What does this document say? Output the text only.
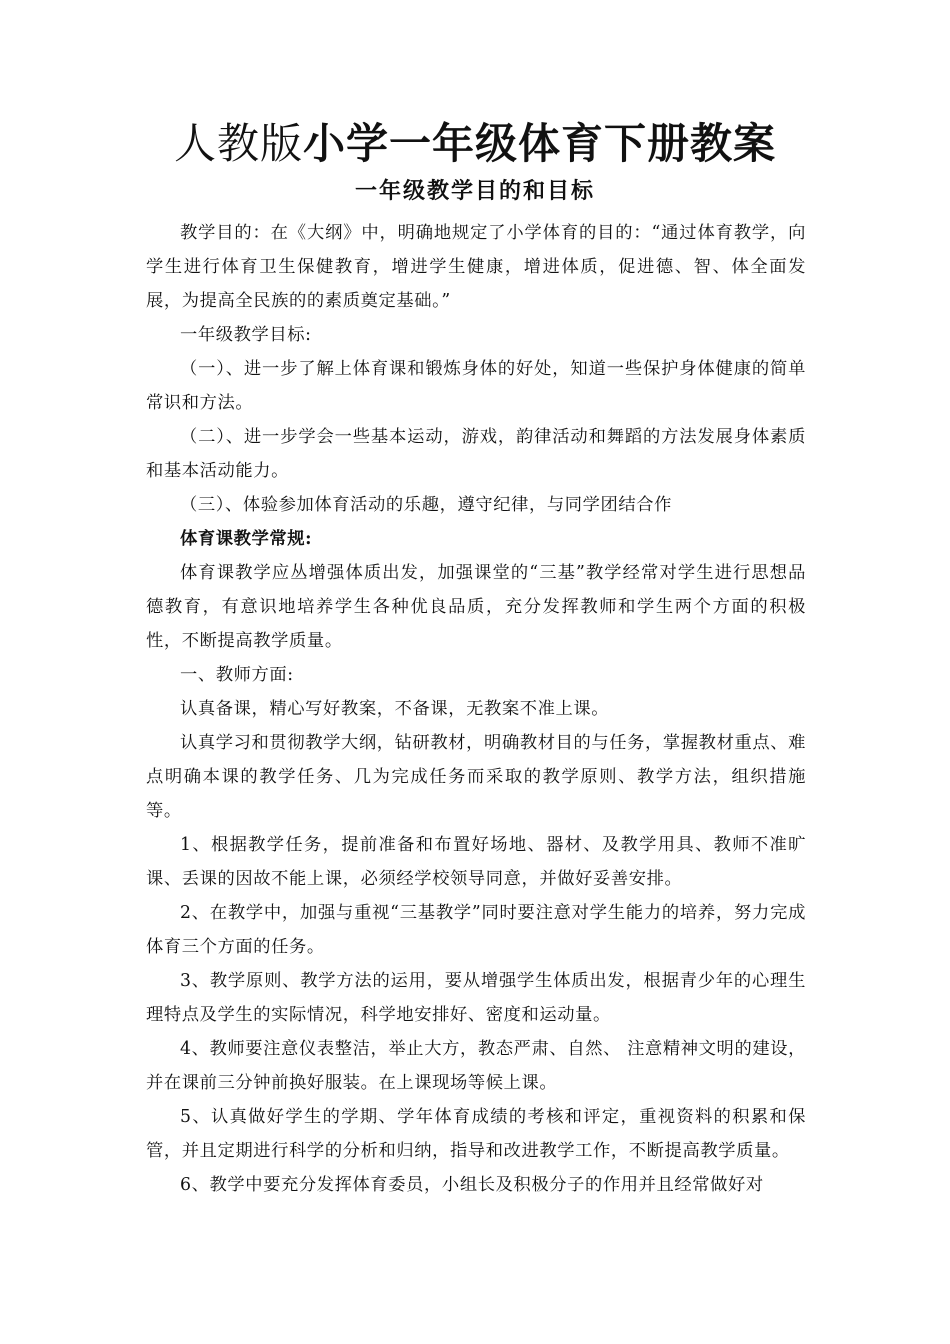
人教版小学一年级体育下册教案
一年级教学目的和目标

教学目的：在《大纲》中，明确地规定了小学体育的目的：“通过体育教学，向学生进行体育卫生保健教育，增进学生健康，增进体质，促进德、智、体全面发展，为提高全民族的的素质奠定基础。”

一年级教学目标:

（一）、进一步了解上体育课和锻炼身体的好处，知道一些保护身体健康的简单常识和方法。

（二）、进一步学会一些基本运动，游戏，韵律活动和舞蹈的方法发展身体素质和基本活动能力。

（三）、体验参加体育活动的乐趣，遵守纪律，与同学团结合作

体育课教学常规:

体育课教学应丛增强体质出发，加强课堂的“三基”教学经常对学生进行思想品德教育，有意识地培养学生各种优良品质，充分发挥教师和学生两个方面的积极性，不断提高教学质量。

一、教师方面:

认真备课，精心写好教案，不备课，无教案不准上课。

认真学习和贯彻教学大纲，钻研教材，明确教材目的与任务，掌握教材重点、难点明确本课的教学任务、几为完成任务而采取的教学原则、教学方法，组织措施等。

1、根据教学任务，提前准备和布置好场地、器材、及教学用具、教师不准旷课、丢课的因故不能上课，必须经学校领导同意，并做好妥善安排。

2、在教学中，加强与重视“三基教学”同时要注意对学生能力的培养，努力完成体育三个方面的任务。

3、教学原则、教学方法的运用，要从增强学生体质出发，根据青少年的心理生理特点及学生的实际情况，科学地安排好、密度和运动量。

4、教师要注意仪表整洁，举止大方，教态严肃、自然、 注意精神文明的建设，并在课前三分钟前换好服装。在上课现场等候上课。

5、认真做好学生的学期、学年体育成绩的考核和评定，重视资料的积累和保管，并且定期进行科学的分析和归纳，指导和改进教学工作，不断提高教学质量。

6、教学中要充分发挥体育委员，小组长及积极分子的作用并且经常做好对
